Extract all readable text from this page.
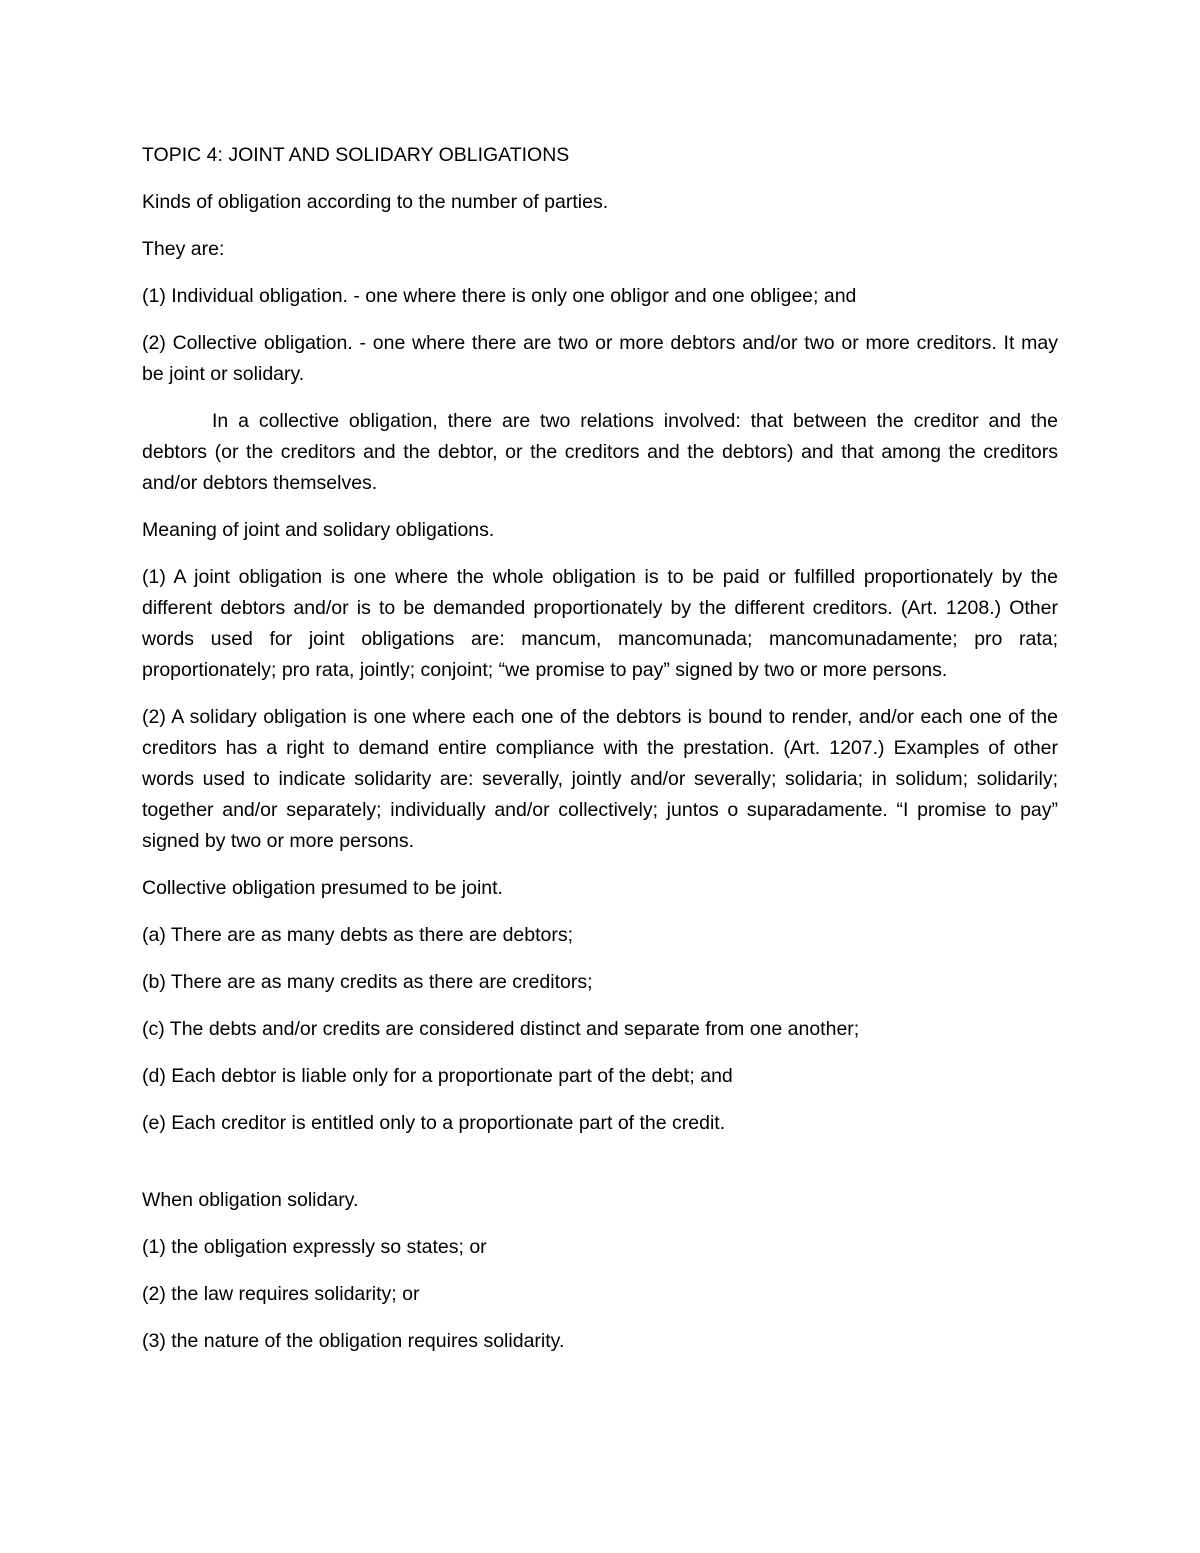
TOPIC 4: JOINT AND SOLIDARY OBLIGATIONS

Kinds of obligation according to the number of parties.

They are:

(1) Individual obligation. - one where there is only one obligor and one obligee; and

(2) Collective obligation. - one where there are two or more debtors and/or two or more creditors. It may be joint or solidary.

In a collective obligation, there are two relations involved: that between the creditor and the debtors (or the creditors and the debtor, or the creditors and the debtors) and that among the creditors and/or debtors themselves.

Meaning of joint and solidary obligations.

(1) A joint obligation is one where the whole obligation is to be paid or fulfilled proportionately by the different debtors and/or is to be demanded proportionately by the different creditors. (Art. 1208.) Other words used for joint obligations are: mancum, mancomunada; mancomunadamente; pro rata; proportionately; pro rata, jointly; conjoint; “we promise to pay” signed by two or more persons.

(2) A solidary obligation is one where each one of the debtors is bound to render, and/or each one of the creditors has a right to demand entire compliance with the prestation. (Art. 1207.) Examples of other words used to indicate solidarity are: severally, jointly and/or severally; solidaria; in solidum; solidarily; together and/or separately; individually and/or collectively; juntos o suparadamente. “I promise to pay” signed by two or more persons.

Collective obligation presumed to be joint.

(a) There are as many debts as there are debtors;

(b) There are as many credits as there are creditors;

(c) The debts and/or credits are considered distinct and separate from one another;

(d) Each debtor is liable only for a proportionate part of the debt; and

(e) Each creditor is entitled only to a proportionate part of the credit.

When obligation solidary.

(1) the obligation expressly so states; or

(2) the law requires solidarity; or

(3) the nature of the obligation requires solidarity.
